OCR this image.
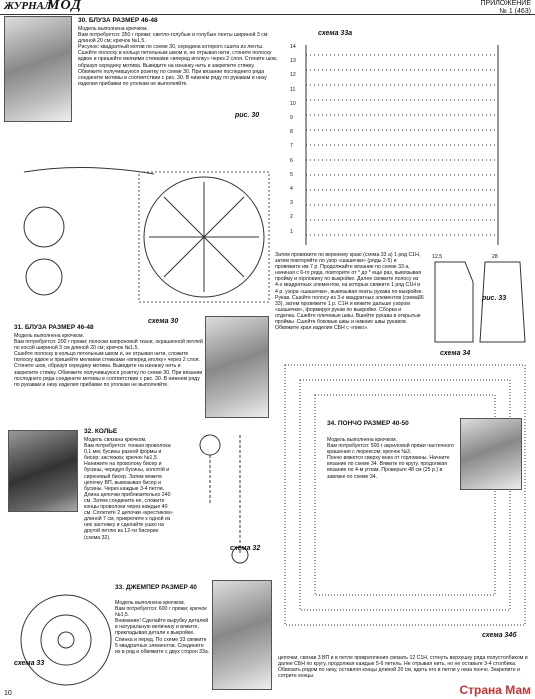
ЖУРНАЛ
МОД	ПРИЛОЖЕНИЕ
№ 1 (463)
30. БЛУЗА РАЗМЕР 46-48
Модель выполнена крючком.
Вам потребуется: 350 г пряжи; светло-голубые и голубые ленты шириной 3 см длиной 20 см; крючок №1,5.
Рисунок: квадратный мотив по схеме 30, середина которого сшита из ленты. Сшейте полоску в кольцо петельным швом и, не отрывая нити, стяните полоску вдвое и пришейте мелкими стежками «вперед иголку» через 2 слоя. Стяните шов, образуя середину мотива. Выведите на изнанку нить и закрепите стяжку. Обвяжите получившуюся розетку по схеме 30. При вязании последнего ряда соедините мотивы в соответствии с рис. 30. В нижнем ряду по рукавам и низу изделия прибавки по уголкам не выполняйте.
схема 30
рис. 30
31. БЛУЗА РАЗМЕР 46-48
Модель выполнена крючком.
Вам потребуется: 200 г пряжи; полоски капроновой ткани, окрашенной петлей по косой шириной 3 см длиной 20 см; крючок №1,5.
Сшейте полоску в кольцо петельным швом и, не отрывая нити, сложите полоску вдвое и пришейте мелкими стежками «вперед иголку» через 2 слоя. Стяните шов, образуя середину мотива. Выведите на изнанку нить и закрепите стяжку. Обвяжите получившуюся розетку по схеме 30. При вязании последнего ряда соедините мотивы в соответствии с рис. 30. В нижнем ряду по рукавам и низу изделия прибавки по уголкам не выполняйте.
32. КОЛЬЕ
Модель связана крючком.
Вам потребуется: тонкая проволока 0,1 мм; бусины разной формы и бисер; застежка; крючок №1,5.
Нанижите на проволоку бисер и бусины, чередуя бусины, золотой и сиреневый бисер. Затем вяжите цепочку ВП, вывязывая бисер и бусины. Через каждые 3-4 петли. Длина цепочки приблизительно 240 см. Затем соедините ее, сложите концы проволоки через каждые 40 см. Сплетите 2 цепочки «крестиком» длиной 7 см, прикрепите к одной из них застежку и сделайте ушко на другой петлю из 12-ти бисерин (схема 32).
схема 32
схема 33
33. ДЖЕМПЕР РАЗМЕР 40
Модель выполнена крючком.
Вам потребуется: 600 г пряжи; крючок №1,5.
Внимание! Сделайте вырубку деталей в натуральную величину и вяжите, прикладывая детали к выкройке.
Спинка и перед. По схеме 33 свяжите 5 квадратных элементов. Соедините их в ряд и обвяжите с двух сторон 33а.
схема 33а
14
13
12
11
10
9
8
7
6
5
4
3
2
1
Затем провяжите по верхнему краю (схема 33 а) 1 ряд С1Н, затем повторяйте по узор «шашечки» (ряды 2-5) и провяжите им 7 р. Продолжайте вязание по схеме 33 а, начиная с 6-го ряда, повторите от * до * еще раз, вывязывая пройму и горловину по выкройке. Далее свяжите полосу из 4-х квадратных элементов, на которых свяжите 1 ряд С1Н и 4 р. узора «шашечки», вывязывая окаты рукава по выкройке. Рукав. Сшейте полосу из 3-х квадратных элементов (схема 33), затем провяжите 1 р. С1Н и вяжите дальше узором «шашечки», формируя рукав по выкройке. Сборка и отделка. Сшейте плечевые швы. Вшейте рукава в открытые проймы. Сшейте боковые швы и нижние швы рукавов. Обвяжите края изделия СБН с «пико».
12,5	28
36	рис. 33
схема 34
34. ПОНЧО РАЗМЕР 40-50
Модель выполнена крючком.
Вам потребуется: 500 г акриловой пряжи частичного крашения с люрексом; крючок №3.
Пончо вяжется сверху вниз от горловины. Начните вязание по схеме 34. Вяжите по кругу, продолжая вязание по 4-м углам. Проверьте 48 см (25 р.) в завязке по схеме 34.
схема 34б
цепочки, связав 3 ВП и в петле прикрепления связать 12 С1Н, стянуть верхушку ряда полустолбиком и далее СБН по кругу, продолжая каждые 5-6 петель. Не отрывая нить, но не оставьте 3-4 столбика. Обвязать рядом по низу, оставляя концы длиной 20 см, вдеть его в петли у низа пончо. Закрепите и сотрите концы.
10	Страна Мам
